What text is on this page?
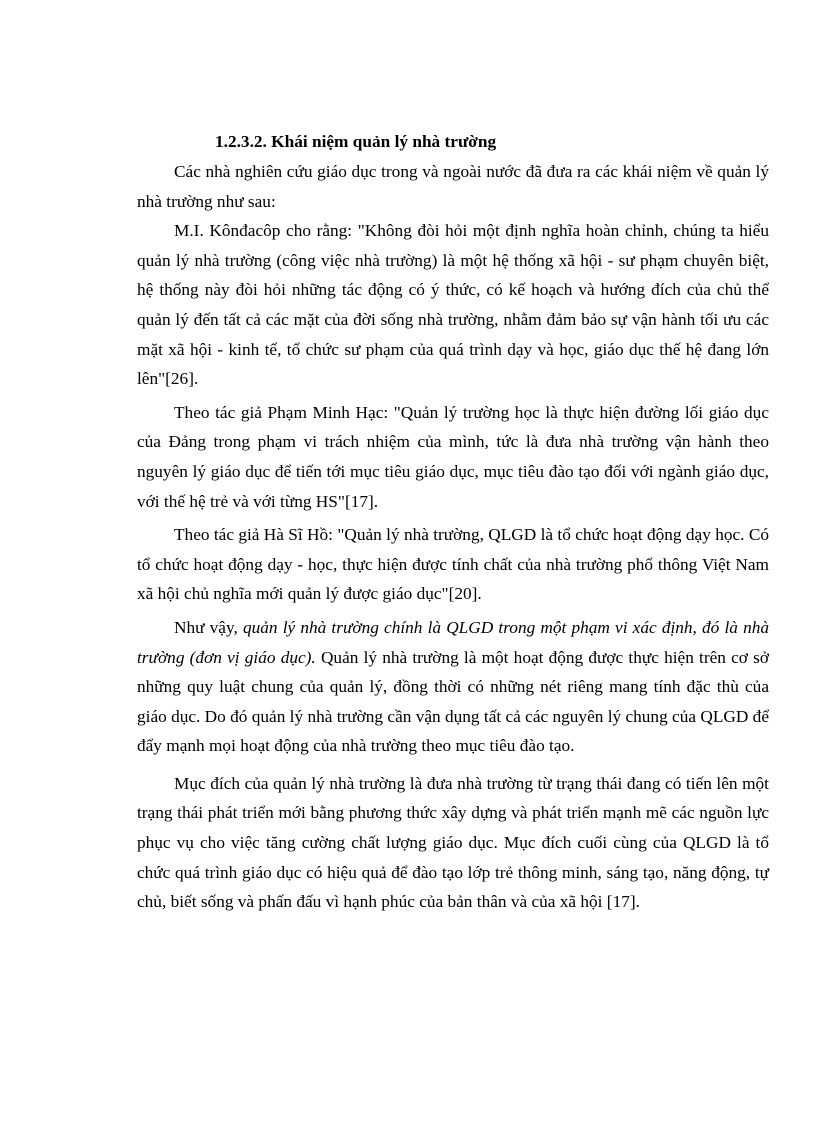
1.2.3.2. Khái niệm quản lý nhà trường

Các nhà nghiên cứu giáo dục trong và ngoài nước đã đưa ra các khái niệm về quản lý nhà trường như sau:

M.I. Kônđacôp cho rằng: "Không đòi hỏi một định nghĩa hoàn chỉnh, chúng ta hiểu quản lý nhà trường (công việc nhà trường) là một hệ thống xã hội - sư phạm chuyên biệt, hệ thống này đòi hỏi những tác động có ý thức, có kế hoạch và hướng đích của chủ thể quản lý đến tất cả các mặt của đời sống nhà trường, nhằm đảm bảo sự vận hành tối ưu các mặt xã hội - kinh tế, tổ chức sư phạm của quá trình dạy và học, giáo dục thế hệ đang lớn lên"[26].

Theo tác giả Phạm Minh Hạc: "Quản lý trường học là thực hiện đường lối giáo dục của Đảng trong phạm vi trách nhiệm của mình, tức là đưa nhà trường vận hành theo nguyên lý giáo dục để tiến tới mục tiêu giáo dục, mục tiêu đào tạo đối với ngành giáo dục, với thế hệ trẻ và với từng HS"[17].

Theo tác giả Hà Sĩ Hồ: "Quản lý nhà trường, QLGD là tổ chức hoạt động dạy học. Có tổ chức hoạt động dạy - học, thực hiện được tính chất của nhà trường phổ thông Việt Nam xã hội chủ nghĩa mới quản lý được giáo dục"[20].

Như vậy, quản lý nhà trường chính là QLGD trong một phạm vi xác định, đó là nhà trường (đơn vị giáo dục). Quản lý nhà trường là một hoạt động được thực hiện trên cơ sở những quy luật chung của quản lý, đồng thời có những nét riêng mang tính đặc thù của giáo dục. Do đó quản lý nhà trường cần vận dụng tất cả các nguyên lý chung của QLGD để đẩy mạnh mọi hoạt động của nhà trường theo mục tiêu đào tạo.

Mục đích của quản lý nhà trường là đưa nhà trường từ trạng thái đang có tiến lên một trạng thái phát triển mới bằng phương thức xây dựng và phát triển mạnh mẽ các nguồn lực phục vụ cho việc tăng cường chất lượng giáo dục. Mục đích cuối cùng của QLGD là tổ chức quá trình giáo dục có hiệu quả để đào tạo lớp trẻ thông minh, sáng tạo, năng động, tự chủ, biết sống và phấn đấu vì hạnh phúc của bản thân và của xã hội [17].
